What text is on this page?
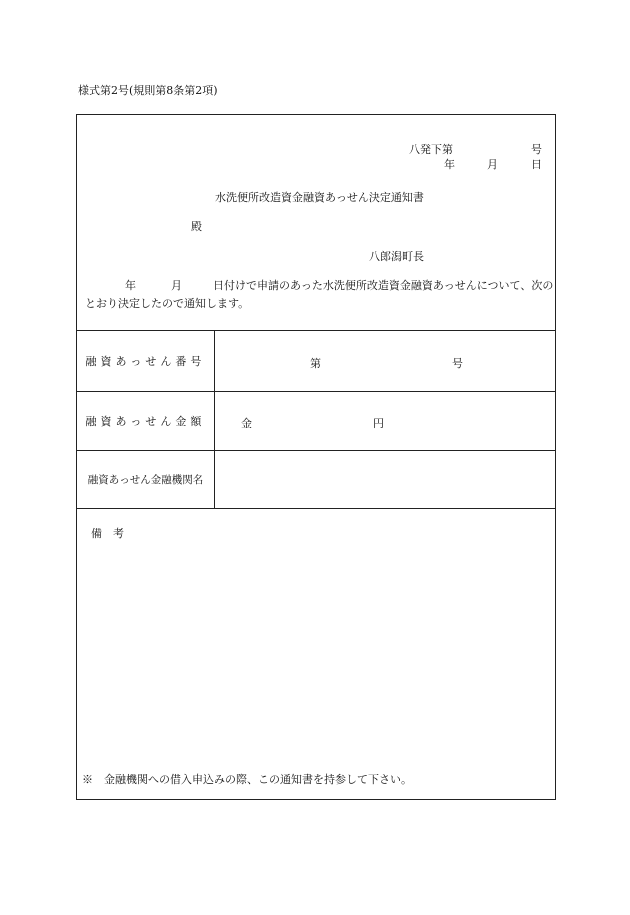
様式第2号(規則第8条第2項)
八発下第	号
年	月	日
水洗便所改造資金融資あっせん決定通知書
殿
八郎潟町長
年	月	日付けで申請のあった水洗便所改造資金融資あっせんについて、次の
とおり決定したので通知します。
融資あっせん番号	第	号
融資あっせん金額	金	円
融資あっせん金融機関名
備　考
※　金融機関への借入申込みの際、この通知書を持参して下さい。
